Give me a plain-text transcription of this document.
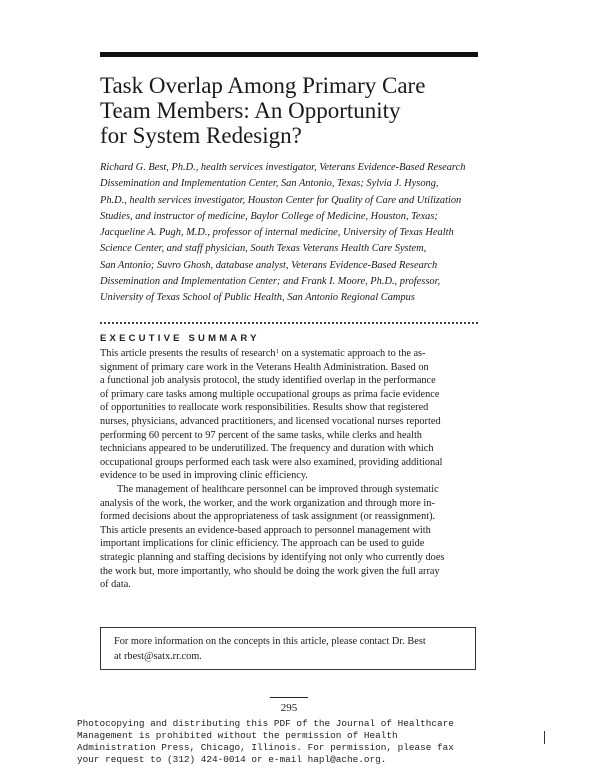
Task Overlap Among Primary Care
Team Members: An Opportunity
for System Redesign?
Richard G. Best, Ph.D., health services investigator, Veterans Evidence-Based Research
Dissemination and Implementation Center, San Antonio, Texas; Sylvia J. Hysong,
Ph.D., health services investigator, Houston Center for Quality of Care and Utilization
Studies, and instructor of medicine, Baylor College of Medicine, Houston, Texas;
Jacqueline A. Pugh, M.D., professor of internal medicine, University of Texas Health
Science Center, and staff physician, South Texas Veterans Health Care System,
San Antonio; Suvro Ghosh, database analyst, Veterans Evidence-Based Research
Dissemination and Implementation Center; and Frank I. Moore, Ph.D., professor,
University of Texas School of Public Health, San Antonio Regional Campus
EXECUTIVE SUMMARY
This article presents the results of research$^1$ on a systematic approach to the as-
signment of primary care work in the Veterans Health Administration. Based on
a functional job analysis protocol, the study identified overlap in the performance
of primary care tasks among multiple occupational groups as prima facie evidence
of opportunities to reallocate work responsibilities. Results show that registered
nurses, physicians, advanced practitioners, and licensed vocational nurses reported
performing 60 percent to 97 percent of the same tasks, while clerks and health
technicians appeared to be underutilized. The frequency and duration with which
occupational groups performed each task were also examined, providing additional
evidence to be used in improving clinic efficiency.
The management of healthcare personnel can be improved through systematic
analysis of the work, the worker, and the work organization and through more in-
formed decisions about the appropriateness of task assignment (or reassignment).
This article presents an evidence-based approach to personnel management with
important implications for clinic efficiency. The approach can be used to guide
strategic planning and staffing decisions by identifying not only who currently does
the work but, more importantly, who should be doing the work given the full array
of data.
For more information on the concepts in this article, please contact Dr. Best
at rbest@satx.rr.com.
295
Photocopying and distributing this PDF of the Journal of Healthcare
Management is prohibited without the permission of Health
Administration Press, Chicago, Illinois. For permission, please fax
your request to (312) 424-0014 or e-mail hapl@ache.org.
